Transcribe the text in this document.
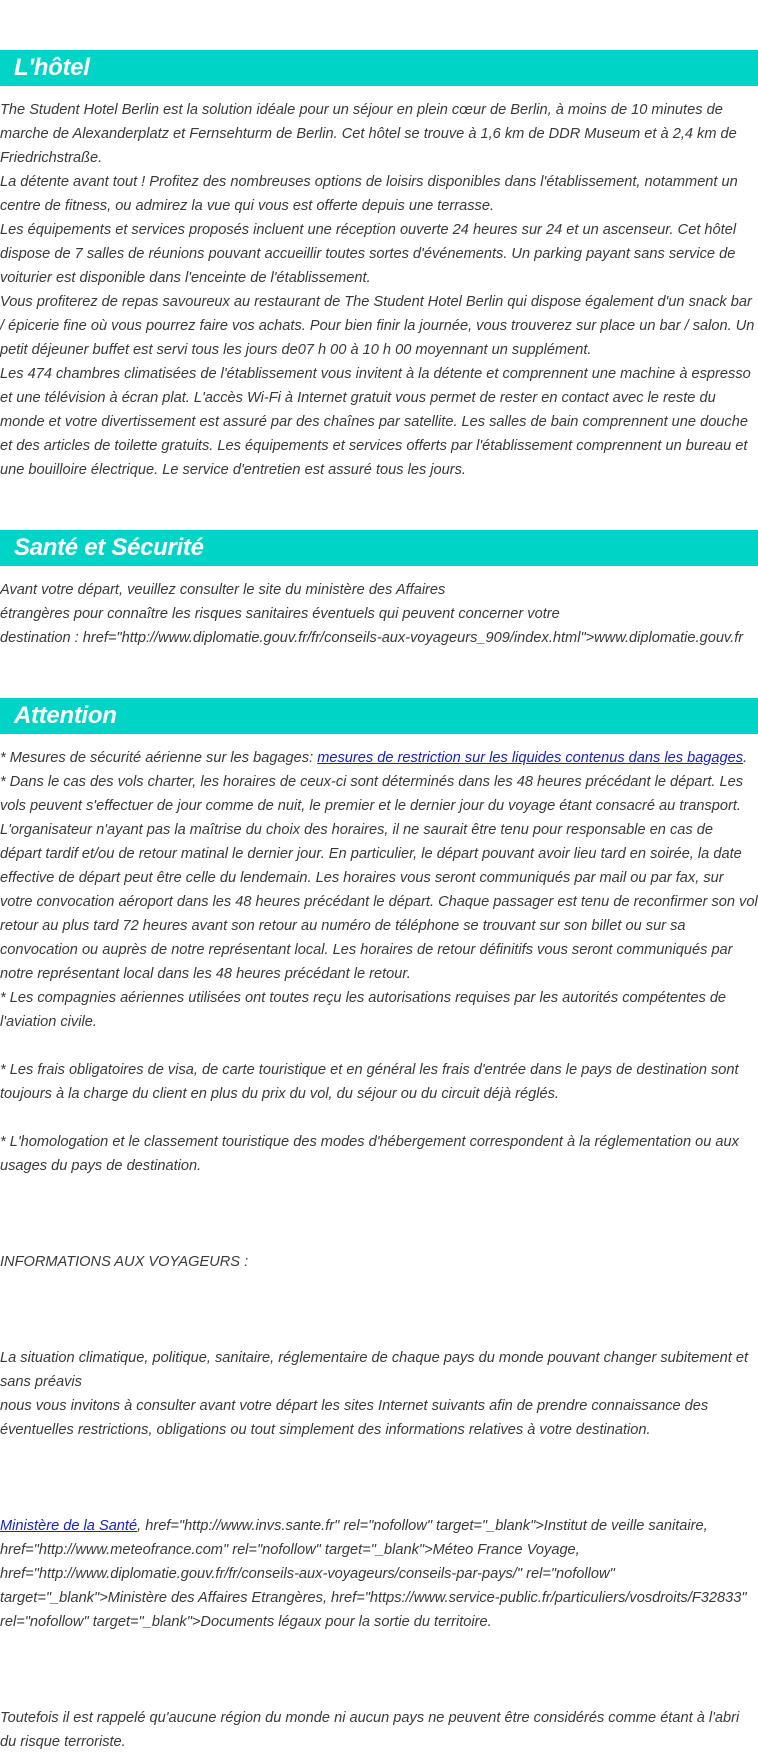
L'hôtel

The Student Hotel Berlin est la solution idéale pour un séjour en plein cœur de Berlin, à moins de 10 minutes de marche de Alexanderplatz et Fernsehturm de Berlin. Cet hôtel se trouve à 1,6 km de DDR Museum et à 2,4 km de Friedrichstraße.

La détente avant tout ! Profitez des nombreuses options de loisirs disponibles dans l'établissement, notamment un centre de fitness, ou admirez la vue qui vous est offerte depuis une terrasse.

Les équipements et services proposés incluent une réception ouverte 24 heures sur 24 et un ascenseur. Cet hôtel dispose de 7 salles de réunions pouvant accueillir toutes sortes d'événements. Un parking payant sans service de voiturier est disponible dans l'enceinte de l'établissement.

Vous profiterez de repas savoureux au restaurant de The Student Hotel Berlin qui dispose également d'un snack bar / épicerie fine où vous pourrez faire vos achats. Pour bien finir la journée, vous trouverez sur place un bar / salon. Un petit déjeuner buffet est servi tous les jours de07 h 00 à 10 h 00 moyennant un supplément.

Les 474 chambres climatisées de l'établissement vous invitent à la détente et comprennent une machine à espresso et une télévision à écran plat. L'accès Wi-Fi à Internet gratuit vous permet de rester en contact avec le reste du monde et votre divertissement est assuré par des chaînes par satellite. Les salles de bain comprennent une douche et des articles de toilette gratuits. Les équipements et services offerts par l'établissement comprennent un bureau et une bouilloire électrique. Le service d'entretien est assuré tous les jours.

Santé et Sécurité

Avant votre départ, veuillez consulter le site du ministère des Affaires

étrangères pour connaître les risques sanitaires éventuels qui peuvent concerner votre

destination : href="http://www.diplomatie.gouv.fr/fr/conseils-aux-voyageurs_909/index.html">www.diplomatie.gouv.fr

Attention

* Mesures de sécurité aérienne sur les bagages: mesures de restriction sur les liquides contenus dans les bagages.

* Dans le cas des vols charter, les horaires de ceux-ci sont déterminés dans les 48 heures précédant le départ. Les vols peuvent s'effectuer de jour comme de nuit, le premier et le dernier jour du voyage étant consacré au transport. L'organisateur n'ayant pas la maîtrise du choix des horaires, il ne saurait être tenu pour responsable en cas de départ tardif et/ou de retour matinal le dernier jour. En particulier, le départ pouvant avoir lieu tard en soirée, la date effective de départ peut être celle du lendemain. Les horaires vous seront communiqués par mail ou par fax, sur votre convocation aéroport dans les 48 heures précédant le départ. Chaque passager est tenu de reconfirmer son vol retour au plus tard 72 heures avant son retour au numéro de téléphone se trouvant sur son billet ou sur sa convocation ou auprès de notre représentant local. Les horaires de retour définitifs vous seront communiqués par notre représentant local dans les 48 heures précédant le retour.

* Les compagnies aériennes utilisées ont toutes reçu les autorisations requises par les autorités compétentes de l'aviation civile.

* Les frais obligatoires de visa, de carte touristique et en général les frais d'entrée dans le pays de destination sont toujours à la charge du client en plus du prix du vol, du séjour ou du circuit déjà réglés.

* L'homologation et le classement touristique des modes d'hébergement correspondent à la réglementation ou aux usages du pays de destination.

INFORMATIONS AUX VOYAGEURS :

La situation climatique, politique, sanitaire, réglementaire de chaque pays du monde pouvant changer subitement et sans préavis

nous vous invitons à consulter avant votre départ les sites Internet suivants afin de prendre connaissance des éventuelles restrictions, obligations ou tout simplement des informations relatives à votre destination.

Ministère de la Santé, href="http://www.invs.sante.fr" rel="nofollow" target="_blank">Institut de veille sanitaire, href="http://www.meteofrance.com" rel="nofollow" target="_blank">Méteo France Voyage, href="http://www.diplomatie.gouv.fr/fr/conseils-aux-voyageurs/conseils-par-pays/" rel="nofollow" target="_blank">Ministère des Affaires Etrangères, href="https://www.service-public.fr/particuliers/vosdroits/F32833" rel="nofollow" target="_blank">Documents légaux pour la sortie du territoire.

Toutefois il est rappelé qu'aucune région du monde ni aucun pays ne peuvent être considérés comme étant à l'abri du risque terroriste.
